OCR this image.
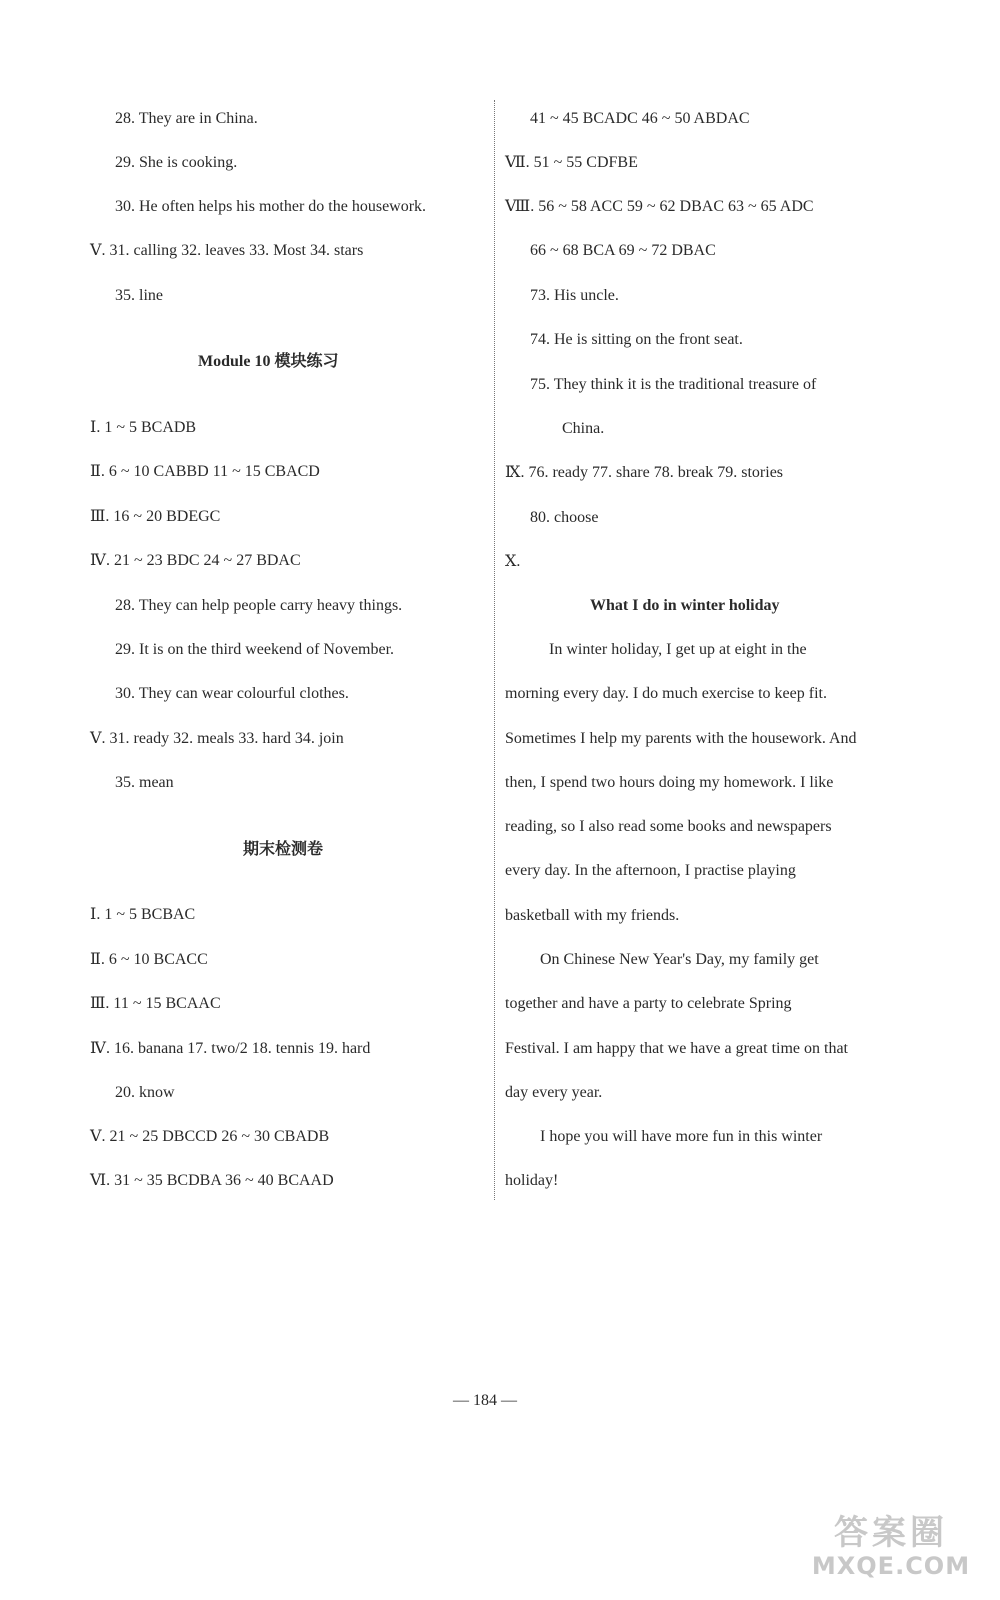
28. They are in China.
29. She is cooking.
30. He often helps his mother do the housework.
Ⅴ. 31. calling 32. leaves 33. Most 34. stars
35. line
Module 10 模块练习
Ⅰ. 1 ~ 5 BCADB
Ⅱ. 6 ~ 10 CABBD 11 ~ 15 CBACD
Ⅲ. 16 ~ 20 BDEGC
Ⅳ. 21 ~ 23 BDC 24 ~ 27 BDAC
28. They can help people carry heavy things.
29. It is on the third weekend of November.
30. They can wear colourful clothes.
Ⅴ. 31. ready 32. meals 33. hard 34. join
35. mean
期末检测卷
Ⅰ. 1 ~ 5 BCBAC
Ⅱ. 6 ~ 10 BCACC
Ⅲ. 11 ~ 15 BCAAC
Ⅳ. 16. banana 17. two/2 18. tennis 19. hard
20. know
Ⅴ. 21 ~ 25 DBCCD 26 ~ 30 CBADB
Ⅵ. 31 ~ 35 BCDBA 36 ~ 40 BCAAD
41 ~ 45 BCADC 46 ~ 50 ABDAC
Ⅶ. 51 ~ 55 CDFBE
Ⅷ. 56 ~ 58 ACC 59 ~ 62 DBAC 63 ~ 65 ADC
66 ~ 68 BCA 69 ~ 72 DBAC
73. His uncle.
74. He is sitting on the front seat.
75. They think it is the traditional treasure of
China.
Ⅸ. 76. ready 77. share 78. break 79. stories
80. choose
Ⅹ.
What I do in winter holiday
In winter holiday, I get up at eight in the
morning every day. I do much exercise to keep fit.
Sometimes I help my parents with the housework. And
then, I spend two hours doing my homework. I like
reading, so I also read some books and newspapers
every day. In the afternoon, I practise playing
basketball with my friends.
On Chinese New Year's Day, my family get
together and have a party to celebrate Spring
Festival. I am happy that we have a great time on that
day every year.
I hope you will have more fun in this winter
holiday!
— 184 —
答案圈
MXQE.COM
